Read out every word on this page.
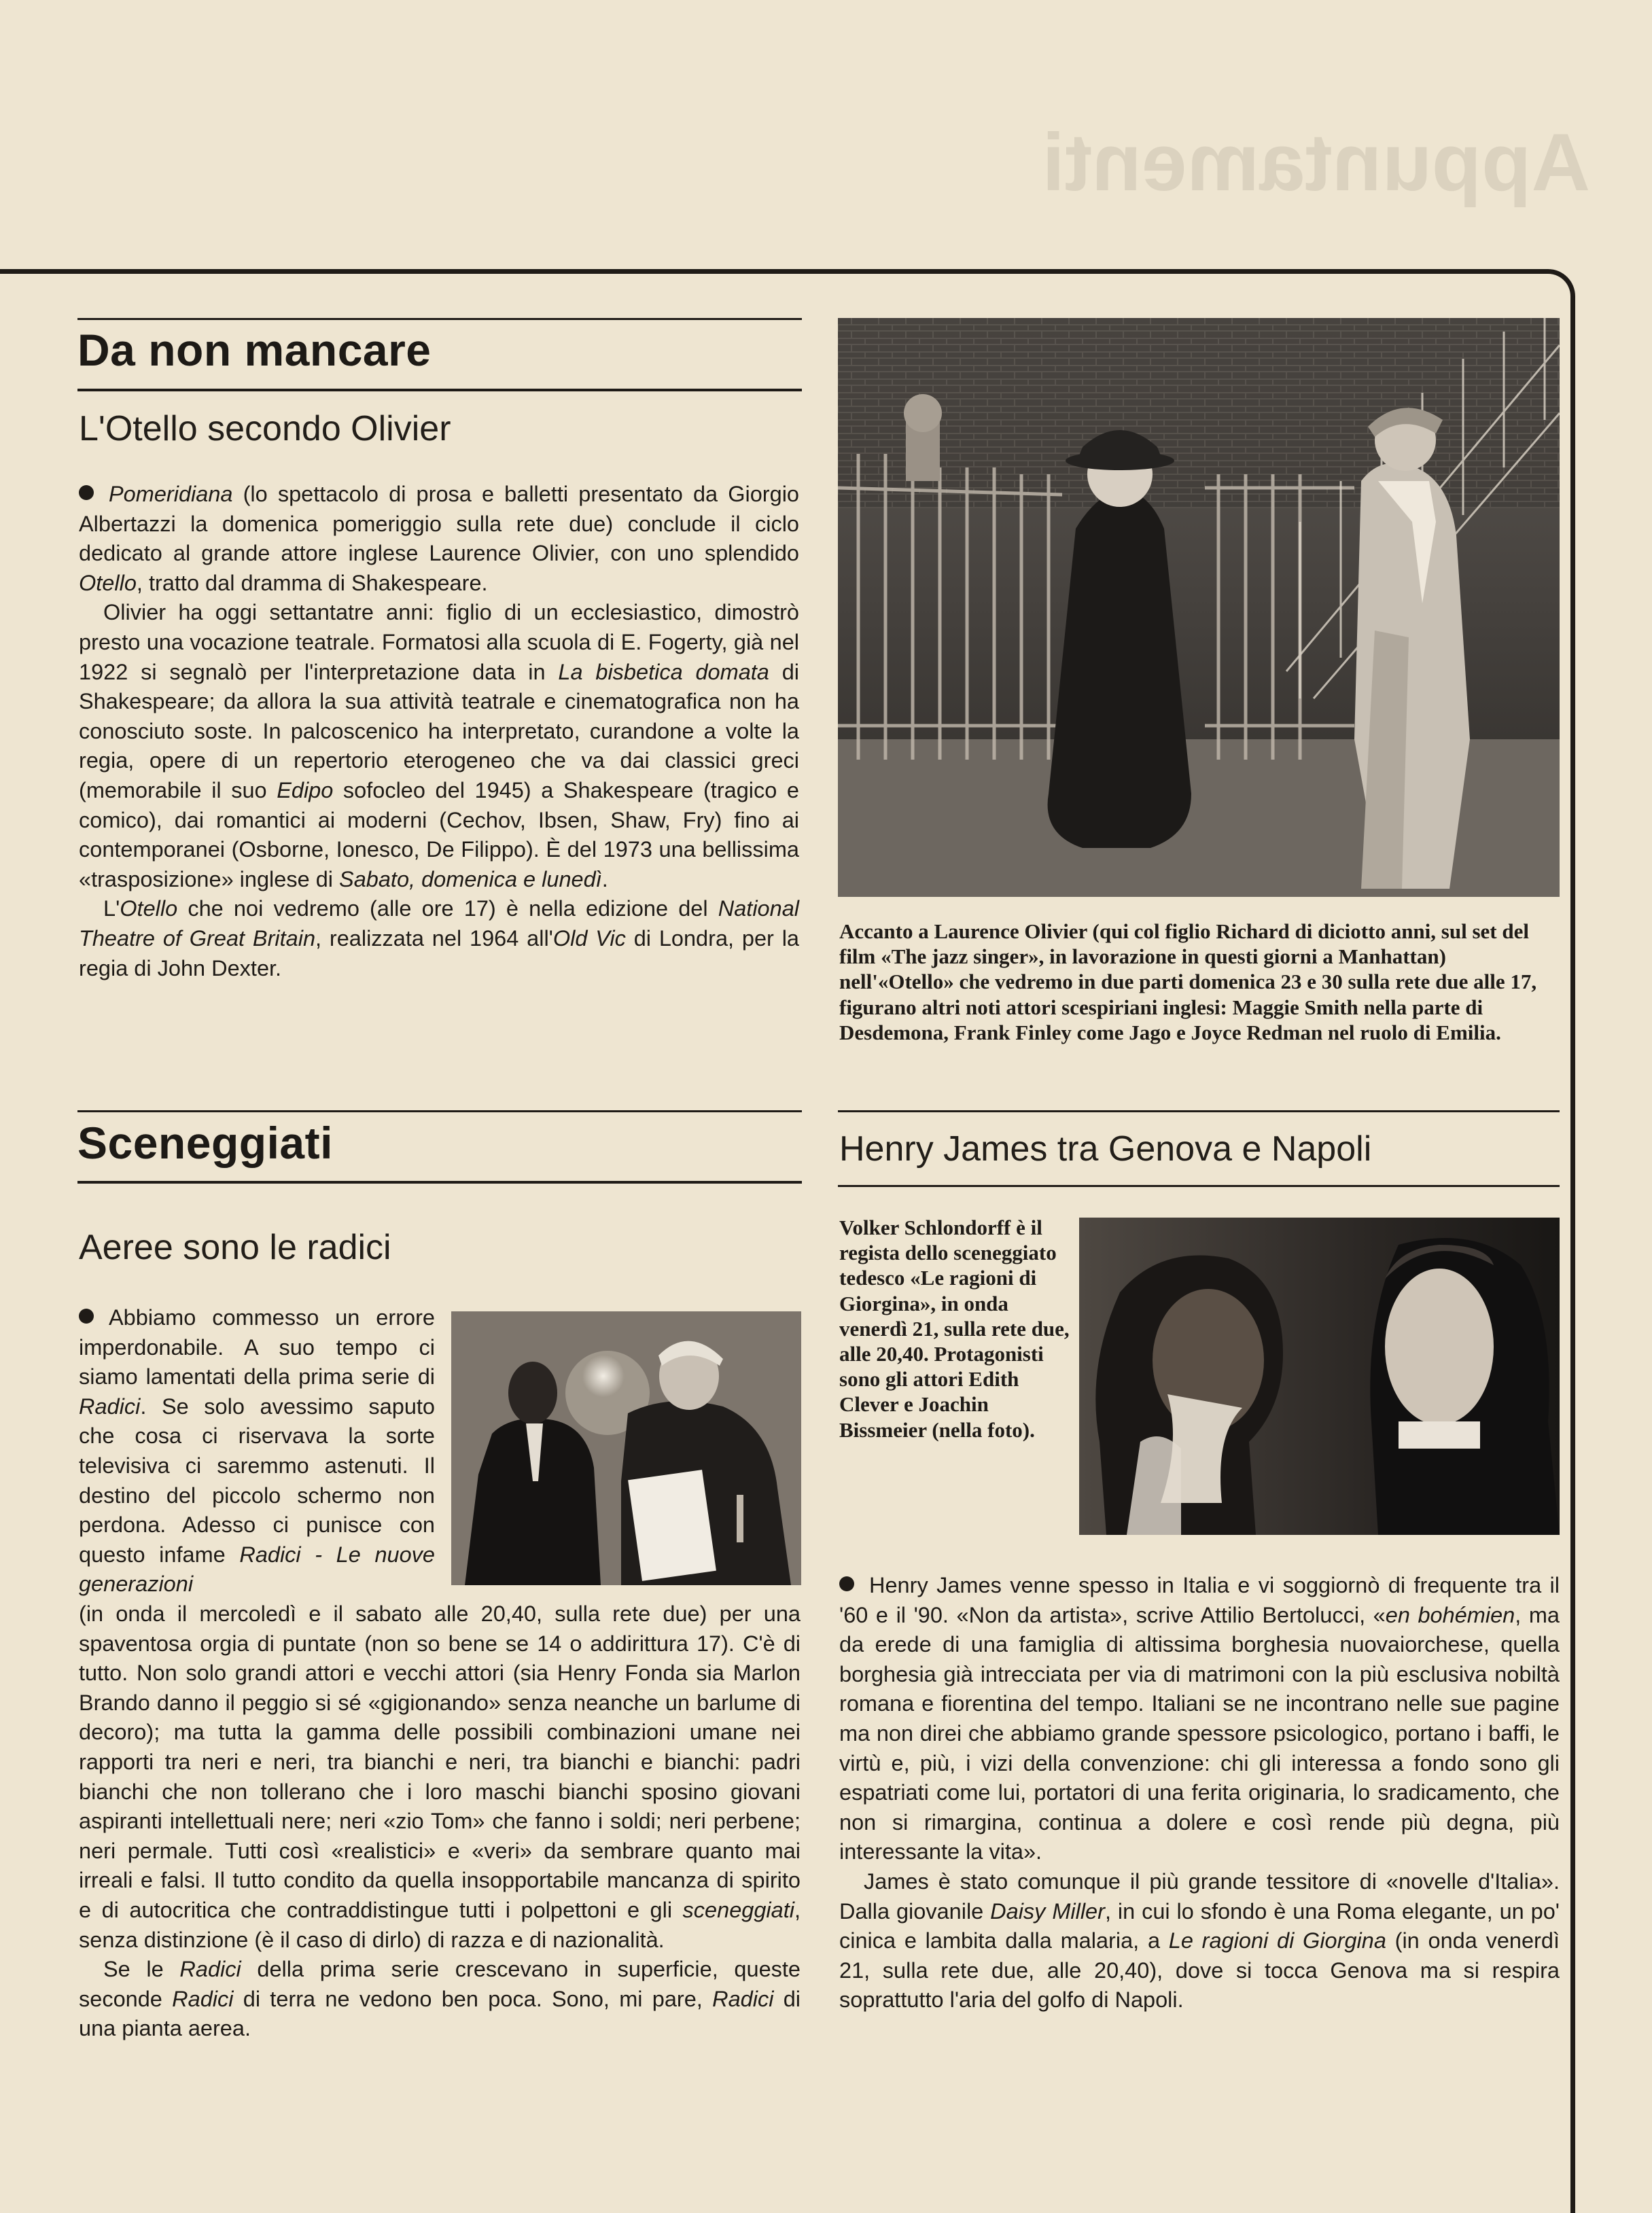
Appuntamenti
Da non mancare
L'Otello secondo Olivier

Pomeridiana (lo spettacolo di prosa e balletti presentato da Giorgio Albertazzi la domenica pomeriggio sulla rete due) conclude il ciclo dedicato al grande attore inglese Laurence Olivier, con uno splendido Otello, tratto dal dramma di Shakespeare.

Olivier ha oggi settantatre anni: figlio di un ecclesiastico, dimostrò presto una vocazione teatrale. Formatosi alla scuola di E. Fogerty, già nel 1922 si segnalò per l'interpretazione data in La bisbetica domata di Shakespeare; da allora la sua attività teatrale e cinematografica non ha conosciuto soste. In palcoscenico ha interpretato, curandone a volte la regia, opere di un repertorio eterogeneo che va dai classici greci (memorabile il suo Edipo sofocleo del 1945) a Shakespeare (tragico e comico), dai romantici ai moderni (Cechov, Ibsen, Shaw, Fry) fino ai contemporanei (Osborne, Ionesco, De Filippo). È del 1973 una bellissima «trasposizione» inglese di Sabato, domenica e lunedì.

L'Otello che noi vedremo (alle ore 17) è nella edizione del National Theatre of Great Britain, realizzata nel 1964 all'Old Vic di Londra, per la regia di John Dexter.

Accanto a Laurence Olivier (qui col figlio Richard di diciotto anni, sul set del film «The jazz singer», in lavorazione in questi giorni a Manhattan) nell'«Otello» che vedremo in due parti domenica 23 e 30 sulla rete due alle 17, figurano altri noti attori scespiriani inglesi: Maggie Smith nella parte di Desdemona, Frank Finley come Jago e Joyce Redman nel ruolo di Emilia.

Sceneggiati
Aeree sono le radici

Abbiamo commesso un errore imperdonabile. A suo tempo ci siamo lamentati della prima serie di Radici. Se solo avessimo saputo che cosa ci riservava la sorte televisiva ci saremmo astenuti. Il destino del piccolo schermo non perdona. Adesso ci punisce con questo infame Radici - Le nuove generazioni

(in onda il mercoledì e il sabato alle 20,40, sulla rete due) per una spaventosa orgia di puntate (non so bene se 14 o addirittura 17). C'è di tutto. Non solo grandi attori e vecchi attori (sia Henry Fonda sia Marlon Brando danno il peggio si sé «gigionando» senza neanche un barlume di decoro); ma tutta la gamma delle possibili combinazioni umane nei rapporti tra neri e neri, tra bianchi e neri, tra bianchi e bianchi: padri bianchi che non tollerano che i loro maschi bianchi sposino giovani aspiranti intellettuali nere; neri «zio Tom» che fanno i soldi; neri perbene; neri permale. Tutti così «realistici» e «veri» da sembrare quanto mai irreali e falsi. Il tutto condito da quella insopportabile mancanza di spirito e di autocritica che contraddistingue tutti i polpettoni e gli sceneggiati, senza distinzione (è il caso di dirlo) di razza e di nazionalità.

Se le Radici della prima serie crescevano in superficie, queste seconde Radici di terra ne vedono ben poca. Sono, mi pare, Radici di una pianta aerea.

Henry James tra Genova e Napoli

Volker Schlondorff è il regista dello sceneggiato tedesco «Le ragioni di Giorgina», in onda venerdì 21, sulla rete due, alle 20,40. Protagonisti sono gli attori Edith Clever e Joachin Bissmeier (nella foto).

Henry James venne spesso in Italia e vi soggiornò di frequente tra il '60 e il '90. «Non da artista», scrive Attilio Bertolucci, «en bohémien, ma da erede di una famiglia di altissima borghesia nuovaiorchese, quella borghesia già intrecciata per via di matrimoni con la più esclusiva nobiltà romana e fiorentina del tempo. Italiani se ne incontrano nelle sue pagine ma non direi che abbiamo grande spessore psicologico, portano i baffi, le virtù e, più, i vizi della convenzione: chi gli interessa a fondo sono gli espatriati come lui, portatori di una ferita originaria, lo sradicamento, che non si rimargina, continua a dolere e così rende più degna, più interessante la vita».

James è stato comunque il più grande tessitore di «novelle d'Italia». Dalla giovanile Daisy Miller, in cui lo sfondo è una Roma elegante, un po' cinica e lambita dalla malaria, a Le ragioni di Giorgina (in onda venerdì 21, sulla rete due, alle 20,40), dove si tocca Genova ma si respira soprattutto l'aria del golfo di Napoli.
